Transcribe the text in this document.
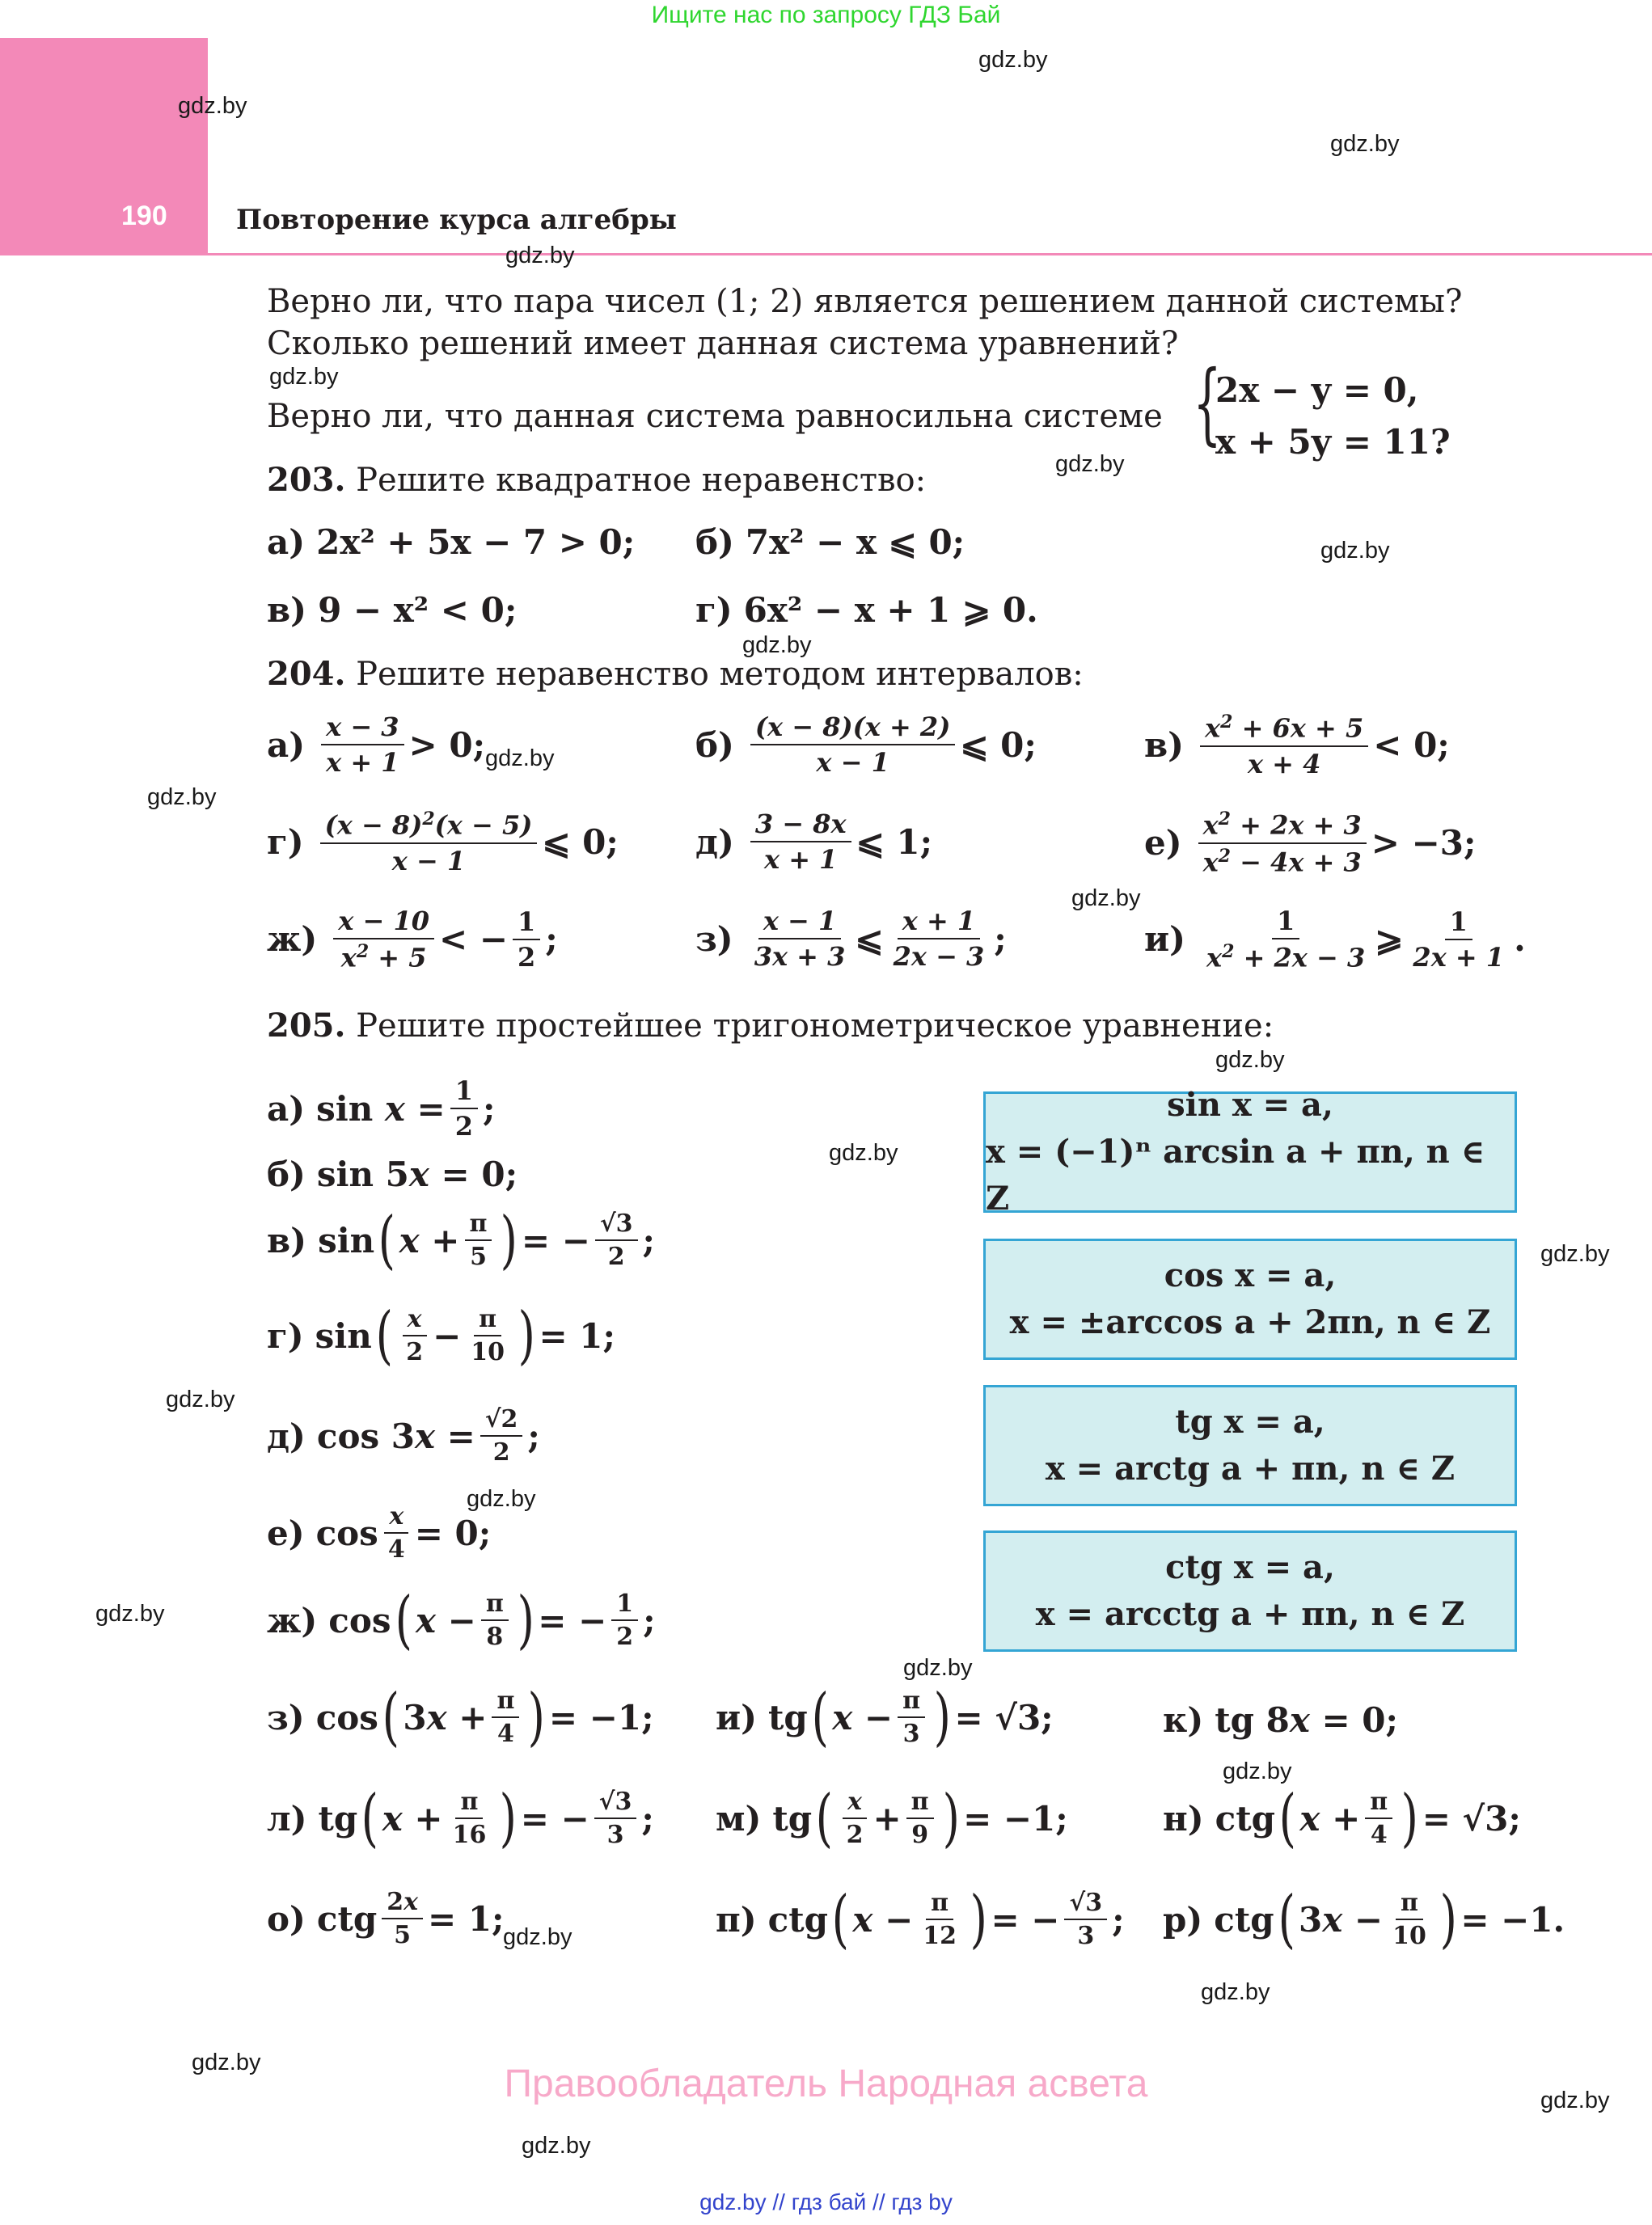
Ищите нас по запросу ГДЗ Бай
190	Повторение курса алгебры
gdz.by
gdz.by
gdz.by
gdz.by
gdz.by
gdz.by
gdz.by
gdz.by
gdz.by
gdz.by
gdz.by
gdz.by
gdz.by
gdz.by
gdz.by
gdz.by
gdz.by
gdz.by
gdz.by
gdz.by
gdz.by
gdz.by
gdz.by
gdz.by
Верно ли, что пара чисел (1; 2) является решением данной системы?
Сколько решений имеет данная система уравнений?
Верно ли, что данная система равносильна системе {
2x − y = 0,
x + 5y = 11?
203. Решите квадратное неравенство:
а) 2x² + 5x − 7 > 0; б) 7x² − x ⩽ 0;
в) 9 − x² < 0;	г) 6x² − x + 1 ⩾ 0.
204. Решите неравенство методом интервалов:
$а) \frac{x - 3}{x + 1} > 0$;	$б) \frac{(x - 8)(x + 2)}{x - 1}$ ⩽ 0;	$в) \frac{x^2 + 6x + 5}{x + 4} < 0$;
$г) \frac{(x - 8)^2(x - 5)}{x - 1}$ ⩽ 0; $д) \frac{3 - 8x}{x + 1}$ ⩽ 1;	$е) \frac{x^2 + 2x + 3}{x^2 - 4x + 3} > -3$;
$ж) \frac{x - 10}{x^2 + 5}$ < − $\frac{1}{2}$ ;	$з) \frac{x - 1}{3x + 3}$ ⩽ $\frac{x + 1}{2x - 3}$ ;	$и) \frac{1}{x^2 + 2x - 3}$ ⩾ $\frac{1}{2x + 1}$ .
205. Решите простейшее тригонометрическое уравнение:
а) $\sin x = \frac{1}{2}$ ;
б) sin 5x = 0;
в) sin ( $x + \frac{\pi}{5}$ ) = − $\frac{√3}{2}$ ;
г) sin ( $\frac{x}{2} - \frac{\pi}{10}$ ) = 1;
д) $\cos 3x = \frac{√2}{2}$ ;
е) $\cos \frac{x}{4} = 0$;
ж) cos ( $x - \frac{\pi}{8}$ ) = − $\frac{1}{2}$ ;
з) cos ( $3x + \frac{\pi}{4}$ ) = −1; и) tg ( $x - \frac{\pi}{3}$ ) = √3;	к) tg 8x = 0;
л) tg ( $x + \frac{\pi}{16}$ ) = − $\frac{√3}{3}$ ; м) tg ( $\frac{x}{2} + \frac{\pi}{9}$ ) = −1;	н) ctg ( $x + \frac{\pi}{4}$ ) = √3;
о) ctg $\frac{2x}{5} = 1$;	п) ctg ( $x - \frac{\pi}{12}$ ) = − $\frac{√3}{3}$ ; р) ctg ( $3x - \frac{\pi}{10}$ ) = −1.
sin x = a,
x = (−1)ⁿ arcsin a + πn, n ∈ Z
cos x = a,
x = ±arccos a + 2πn, n ∈ Z
tg x = a,
x = arctg a + πn, n ∈ Z
ctg x = a,
x = arcctg a + πn, n ∈ Z
Правообладатель Народная асвета
gdz.by // гдз бай // гдз by
